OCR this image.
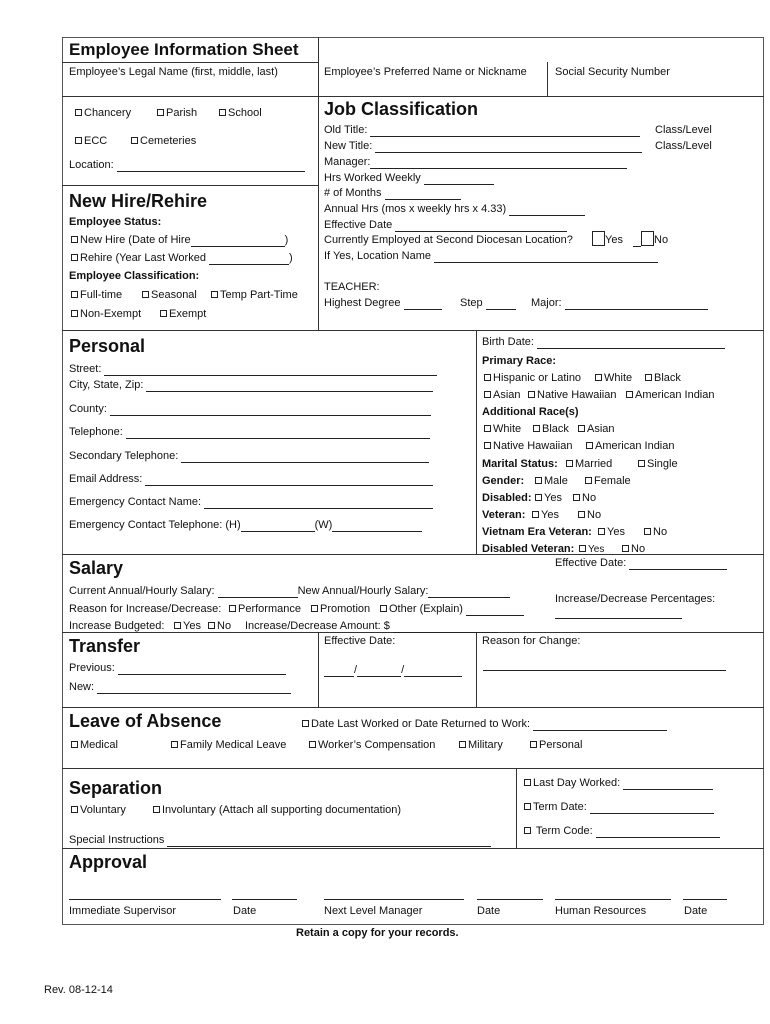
Employee Information Sheet
Employee’s Legal Name (first, middle, last)	Employee’s Preferred Name or Nickname	Social Security Number
Chancery	Parish	School
ECC	Cemeteries
Location:
New Hire/Rehire
Employee Status:
New Hire (Date of Hire	)
Rehire (Year Last Worked	)
Employee Classification:
Full-time	Seasonal	Temp Part-Time
Non-Exempt	Exempt
Job Classification
Old Title:	Class/Level
New Title:	Class/Level
Manager:
Hrs Worked Weekly
# of Months
Annual Hrs (mos x weekly hrs x 4.33)
Effective Date
Currently Employed at Second Diocesan Location?	Yes	No
If Yes, Location Name
TEACHER:
Highest Degree	Step	Major:
Personal
Street:
City, State, Zip:
County:
Telephone:
Secondary Telephone:
Email Address:
Emergency Contact Name:
Emergency Contact Telephone: (H)	(W)
Birth Date:
Primary Race:
Hispanic or Latino	White	Black
Asian	Native Hawaiian	American Indian
Additional Race(s)
White	Black	Asian
Native Hawaiian	American Indian
Marital Status:	Married	Single
Gender:	Male	Female
Disabled:	Yes	No
Veteran:	Yes	No
Vietnam Era Veteran:	Yes	No
Disabled Veteran:	Yes	No
Salary
Current Annual/Hourly Salary:	New Annual/Hourly Salary:
Effective Date:
Reason for Increase/Decrease:	Performance	Promotion	Other (Explain)
Increase/Decrease Percentages:
Increase Budgeted:	Yes	No Increase/Decrease Amount: $
Transfer	Effective Date:	Reason for Change:
Previous:
New:
/	/
Leave of Absence	Date Last Worked or Date Returned to Work:
Medical	Family Medical Leave	Worker’s Compensation	Military	Personal
Separation
Voluntary	Involuntary (Attach all supporting documentation)
Special Instructions
Last Day Worked:
Term Date:
Term Code:
Approval
Immediate Supervisor	Date	Next Level Manager	Date	Human Resources	Date
Retain a copy for your records.
Rev. 08-12-14
